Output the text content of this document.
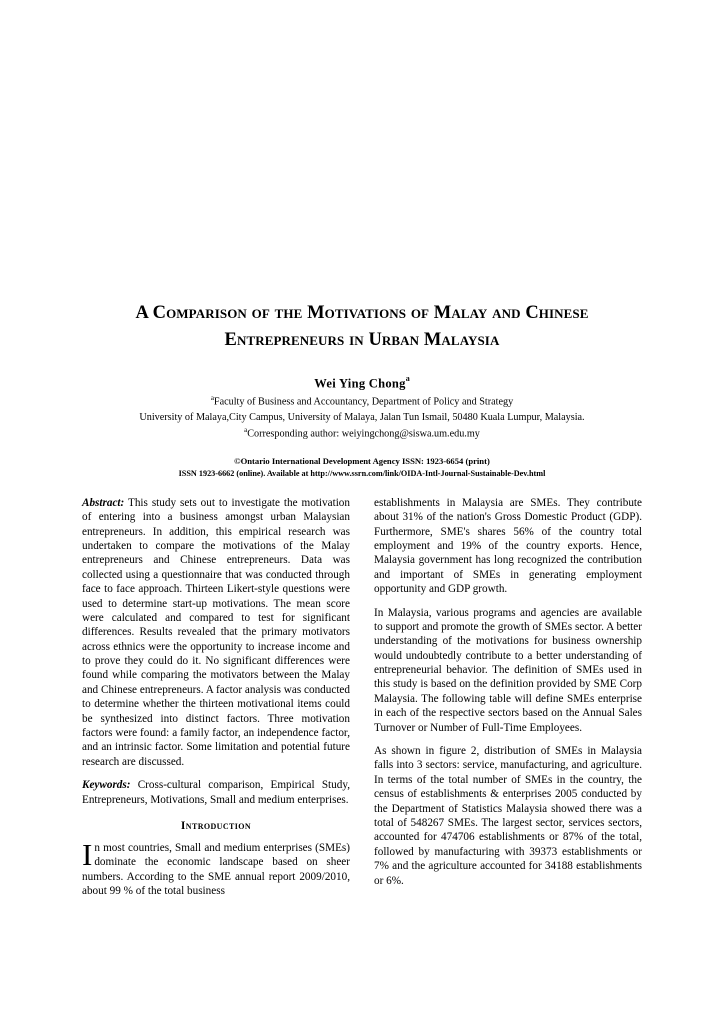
A Comparison of the Motivations of Malay and Chinese Entrepreneurs in Urban Malaysia
Wei Ying Chong$^a$
$^a$Faculty of Business and Accountancy, Department of Policy and Strategy
University of Malaya,City Campus, University of Malaya, Jalan Tun Ismail, 50480 Kuala Lumpur, Malaysia.
$^a$Corresponding author: weiyingchong@siswa.um.edu.my
©Ontario International Development Agency ISSN: 1923-6654 (print)
ISSN 1923-6662 (online). Available at http://www.ssrn.com/link/OIDA-Intl-Journal-Sustainable-Dev.html

Abstract: This study sets out to investigate the motivation of entering into a business amongst urban Malaysian entrepreneurs. In addition, this empirical research was undertaken to compare the motivations of the Malay entrepreneurs and Chinese entrepreneurs. Data was collected using a questionnaire that was conducted through face to face approach. Thirteen Likert-style questions were used to determine start-up motivations. The mean score were calculated and compared to test for significant differences. Results revealed that the primary motivators across ethnics were the opportunity to increase income and to prove they could do it. No significant differences were found while comparing the motivators between the Malay and Chinese entrepreneurs. A factor analysis was conducted to determine whether the thirteen motivational items could be synthesized into distinct factors. Three motivation factors were found: a family factor, an independence factor, and an intrinsic factor. Some limitation and potential future research are discussed.

Keywords: Cross-cultural comparison, Empirical Study, Entrepreneurs, Motivations, Small and medium enterprises.

Introduction

In most countries, Small and medium enterprises (SMEs) dominate the economic landscape based on sheer numbers. According to the SME annual report 2009/2010, about 99 % of the total business

establishments in Malaysia are SMEs. They contribute about 31% of the nation's Gross Domestic Product (GDP). Furthermore, SME's shares 56% of the country total employment and 19% of the country exports. Hence, Malaysia government has long recognized the contribution and important of SMEs in generating employment opportunity and GDP growth.

In Malaysia, various programs and agencies are available to support and promote the growth of SMEs sector. A better understanding of the motivations for business ownership would undoubtedly contribute to a better understanding of entrepreneurial behavior. The definition of SMEs used in this study is based on the definition provided by SME Corp Malaysia. The following table will define SMEs enterprise in each of the respective sectors based on the Annual Sales Turnover or Number of Full-Time Employees.

As shown in figure 2, distribution of SMEs in Malaysia falls into 3 sectors: service, manufacturing, and agriculture. In terms of the total number of SMEs in the country, the census of establishments & enterprises 2005 conducted by the Department of Statistics Malaysia showed there was a total of 548267 SMEs. The largest sector, services sectors, accounted for 474706 establishments or 87% of the total, followed by manufacturing with 39373 establishments or 7% and the agriculture accounted for 34188 establishments or 6%.
